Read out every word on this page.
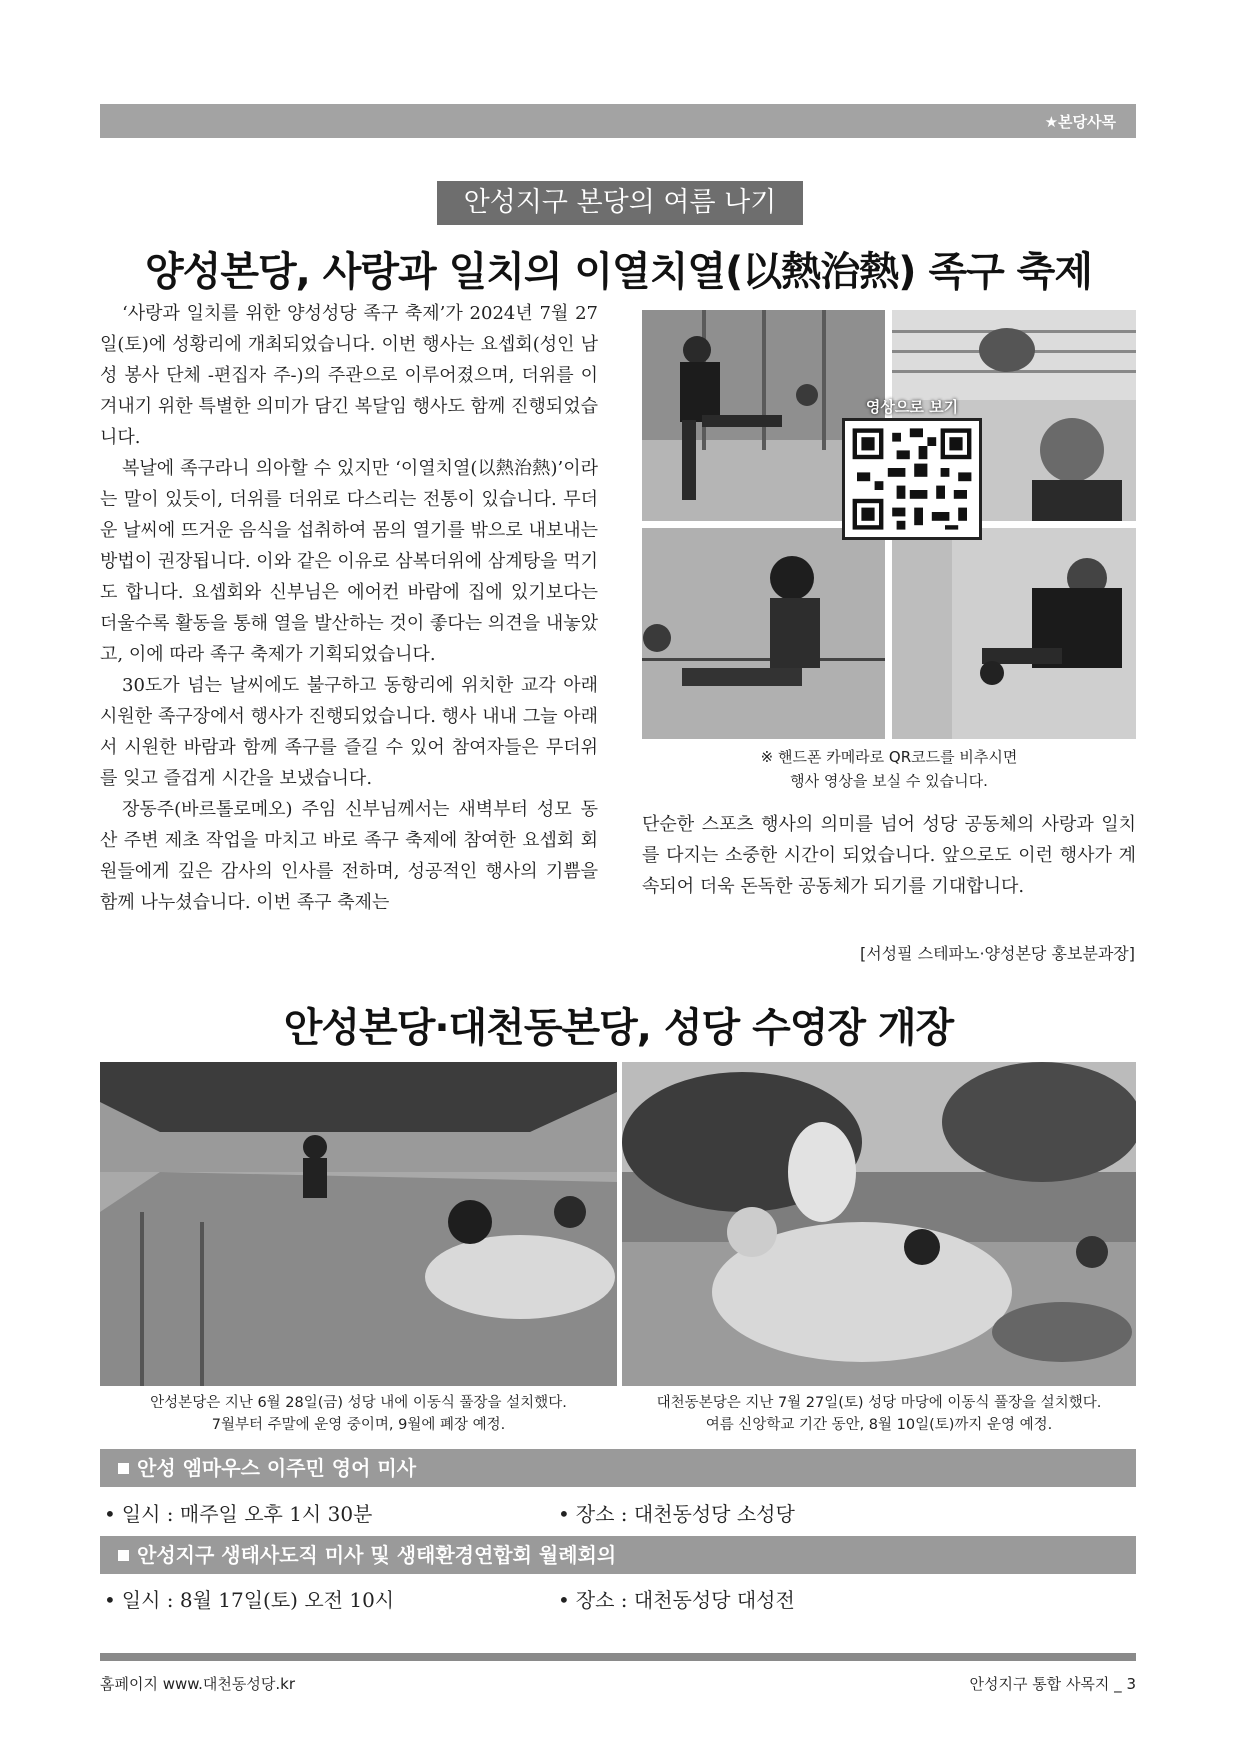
★본당사목
안성지구 본당의 여름 나기
양성본당, 사랑과 일치의 이열치열(以熱治熱) 족구 축제

‘사랑과 일치를 위한 양성성당 족구 축제’가 2024년 7월 27일(토)에 성황리에 개최되었습니다. 이번 행사는 요셉회(성인 남성 봉사 단체 -편집자 주-)의 주관으로 이루어졌으며, 더위를 이겨내기 위한 특별한 의미가 담긴 복달임 행사도 함께 진행되었습니다.

복날에 족구라니 의아할 수 있지만 ‘이열치열(以熱治熱)’이라는 말이 있듯이, 더위를 더위로 다스리는 전통이 있습니다. 무더운 날씨에 뜨거운 음식을 섭취하여 몸의 열기를 밖으로 내보내는 방법이 권장됩니다. 이와 같은 이유로 삼복더위에 삼계탕을 먹기도 합니다. 요셉회와 신부님은 에어컨 바람에 집에 있기보다는 더울수록 활동을 통해 열을 발산하는 것이 좋다는 의견을 내놓았고, 이에 따라 족구 축제가 기획되었습니다.

30도가 넘는 날씨에도 불구하고 동항리에 위치한 교각 아래 시원한 족구장에서 행사가 진행되었습니다. 행사 내내 그늘 아래서 시원한 바람과 함께 족구를 즐길 수 있어 참여자들은 무더위를 잊고 즐겁게 시간을 보냈습니다.

장동주(바르톨로메오) 주임 신부님께서는 새벽부터 성모 동산 주변 제초 작업을 마치고 바로 족구 축제에 참여한 요셉회 회원들에게 깊은 감사의 인사를 전하며, 성공적인 행사의 기쁨을 함께 나누셨습니다. 이번 족구 축제는

영상으로 보기
※ 핸드폰 카메라로 QR코드를 비추시면
행사 영상을 보실 수 있습니다.

단순한 스포츠 행사의 의미를 넘어 성당 공동체의 사랑과 일치를 다지는 소중한 시간이 되었습니다. 앞으로도 이런 행사가 계속되어 더욱 돈독한 공동체가 되기를 기대합니다.

[서성필 스테파노·양성본당 홍보분과장]
안성본당·대천동본당, 성당 수영장 개장
안성본당은 지난 6월 28일(금) 성당 내에 이동식 풀장을 설치했다.
7월부터 주말에 운영 중이며, 9월에 폐장 예정.
대천동본당은 지난 7월 27일(토) 성당 마당에 이동식 풀장을 설치했다.
여름 신앙학교 기간 동안, 8월 10일(토)까지 운영 예정.
안성 엠마우스 이주민 영어 미사
• 일시 : 매주일 오후 1시 30분	• 장소 : 대천동성당 소성당
안성지구 생태사도직 미사 및 생태환경연합회 월례회의
• 일시 : 8월 17일(토) 오전 10시	• 장소 : 대천동성당 대성전
홈페이지 www.대천동성당.kr	안성지구 통합 사목지 _ 3
